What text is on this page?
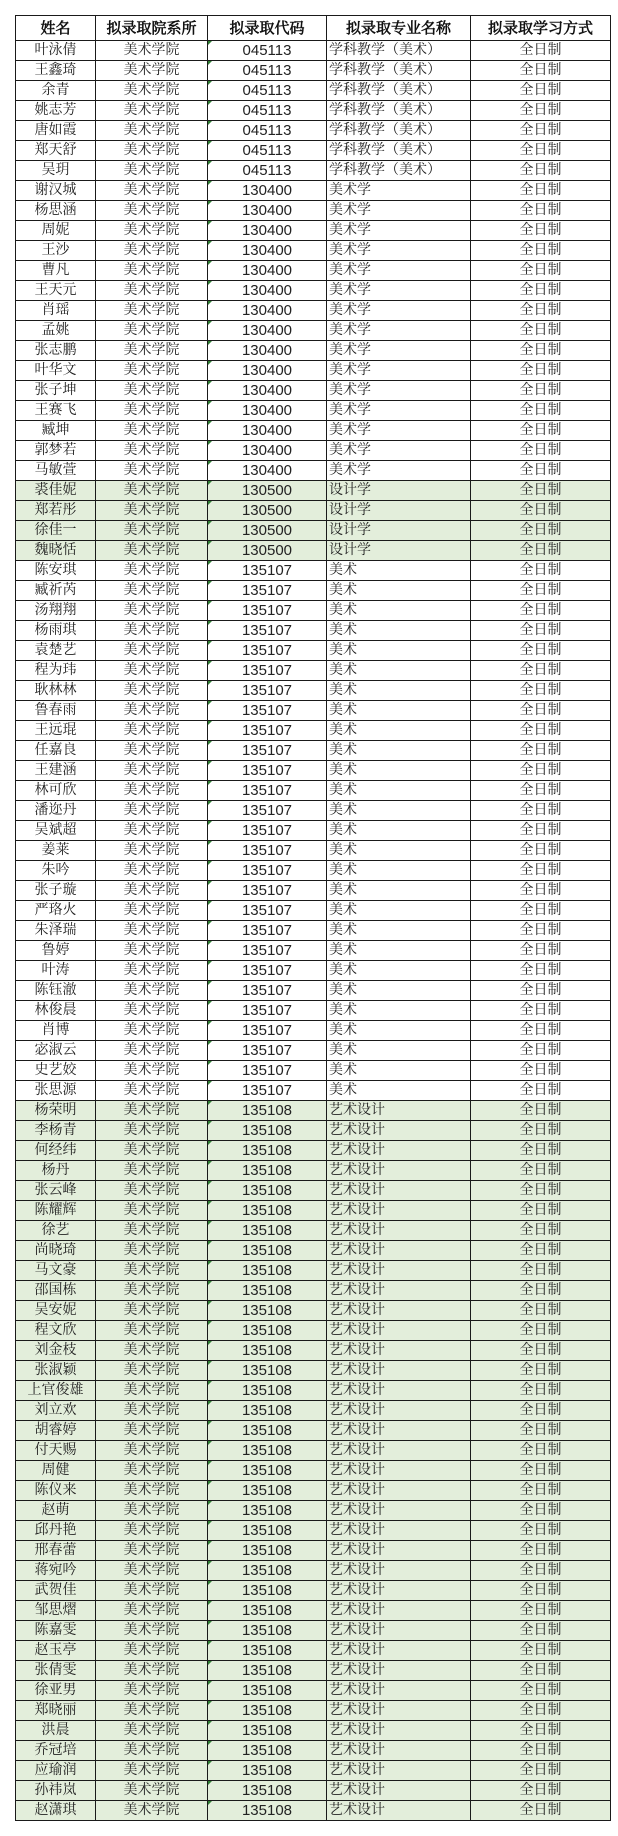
姓名	拟录取院系所	拟录取代码	拟录取专业名称	拟录取学习方式
叶泳倩	美术学院	045113	学科教学（美术）	全日制
王鑫琦	美术学院	045113	学科教学（美术）	全日制
余青	美术学院	045113	学科教学（美术）	全日制
姚志芳	美术学院	045113	学科教学（美术）	全日制
唐如霞	美术学院	045113	学科教学（美术）	全日制
郑天舒	美术学院	045113	学科教学（美术）	全日制
吴玥	美术学院	045113	学科教学（美术）	全日制
谢汉城	美术学院	130400	美术学	全日制
杨思涵	美术学院	130400	美术学	全日制
周妮	美术学院	130400	美术学	全日制
王沙	美术学院	130400	美术学	全日制
曹凡	美术学院	130400	美术学	全日制
王天元	美术学院	130400	美术学	全日制
肖瑶	美术学院	130400	美术学	全日制
孟姚	美术学院	130400	美术学	全日制
张志鹏	美术学院	130400	美术学	全日制
叶华文	美术学院	130400	美术学	全日制
张子坤	美术学院	130400	美术学	全日制
王赛飞	美术学院	130400	美术学	全日制
臧坤	美术学院	130400	美术学	全日制
郭梦若	美术学院	130400	美术学	全日制
马敏萱	美术学院	130400	美术学	全日制
裘佳妮	美术学院	130500	设计学	全日制
郑若彤	美术学院	130500	设计学	全日制
徐佳一	美术学院	130500	设计学	全日制
魏晓恬	美术学院	130500	设计学	全日制
陈安琪	美术学院	135107	美术	全日制
臧祈芮	美术学院	135107	美术	全日制
汤翔翔	美术学院	135107	美术	全日制
杨雨琪	美术学院	135107	美术	全日制
袁楚艺	美术学院	135107	美术	全日制
程为玮	美术学院	135107	美术	全日制
耿林林	美术学院	135107	美术	全日制
鲁春雨	美术学院	135107	美术	全日制
王远琨	美术学院	135107	美术	全日制
任嘉良	美术学院	135107	美术	全日制
王建涵	美术学院	135107	美术	全日制
林可欣	美术学院	135107	美术	全日制
潘迩丹	美术学院	135107	美术	全日制
吴斌超	美术学院	135107	美术	全日制
姜莱	美术学院	135107	美术	全日制
朱吟	美术学院	135107	美术	全日制
张子璇	美术学院	135107	美术	全日制
严珞火	美术学院	135107	美术	全日制
朱泽瑞	美术学院	135107	美术	全日制
鲁婷	美术学院	135107	美术	全日制
叶涛	美术学院	135107	美术	全日制
陈钰澈	美术学院	135107	美术	全日制
林俊晨	美术学院	135107	美术	全日制
肖博	美术学院	135107	美术	全日制
宓淑云	美术学院	135107	美术	全日制
史艺姣	美术学院	135107	美术	全日制
张思源	美术学院	135107	美术	全日制
杨荣明	美术学院	135108	艺术设计	全日制
李杨青	美术学院	135108	艺术设计	全日制
何经纬	美术学院	135108	艺术设计	全日制
杨丹	美术学院	135108	艺术设计	全日制
张云峰	美术学院	135108	艺术设计	全日制
陈耀辉	美术学院	135108	艺术设计	全日制
徐艺	美术学院	135108	艺术设计	全日制
尚晓琦	美术学院	135108	艺术设计	全日制
马文豪	美术学院	135108	艺术设计	全日制
邵国栋	美术学院	135108	艺术设计	全日制
吴安妮	美术学院	135108	艺术设计	全日制
程文欣	美术学院	135108	艺术设计	全日制
刘金枝	美术学院	135108	艺术设计	全日制
张淑颖	美术学院	135108	艺术设计	全日制
上官俊雄	美术学院	135108	艺术设计	全日制
刘立欢	美术学院	135108	艺术设计	全日制
胡睿婷	美术学院	135108	艺术设计	全日制
付天赐	美术学院	135108	艺术设计	全日制
周健	美术学院	135108	艺术设计	全日制
陈仪来	美术学院	135108	艺术设计	全日制
赵萌	美术学院	135108	艺术设计	全日制
邱丹艳	美术学院	135108	艺术设计	全日制
邢春蕾	美术学院	135108	艺术设计	全日制
蒋宛吟	美术学院	135108	艺术设计	全日制
武贺佳	美术学院	135108	艺术设计	全日制
邹思熠	美术学院	135108	艺术设计	全日制
陈嘉雯	美术学院	135108	艺术设计	全日制
赵玉亭	美术学院	135108	艺术设计	全日制
张倩雯	美术学院	135108	艺术设计	全日制
徐亚男	美术学院	135108	艺术设计	全日制
郑晓丽	美术学院	135108	艺术设计	全日制
洪晨	美术学院	135108	艺术设计	全日制
乔冠培	美术学院	135108	艺术设计	全日制
应瑜润	美术学院	135108	艺术设计	全日制
孙祎岚	美术学院	135108	艺术设计	全日制
赵潇琪	美术学院	135108	艺术设计	全日制
